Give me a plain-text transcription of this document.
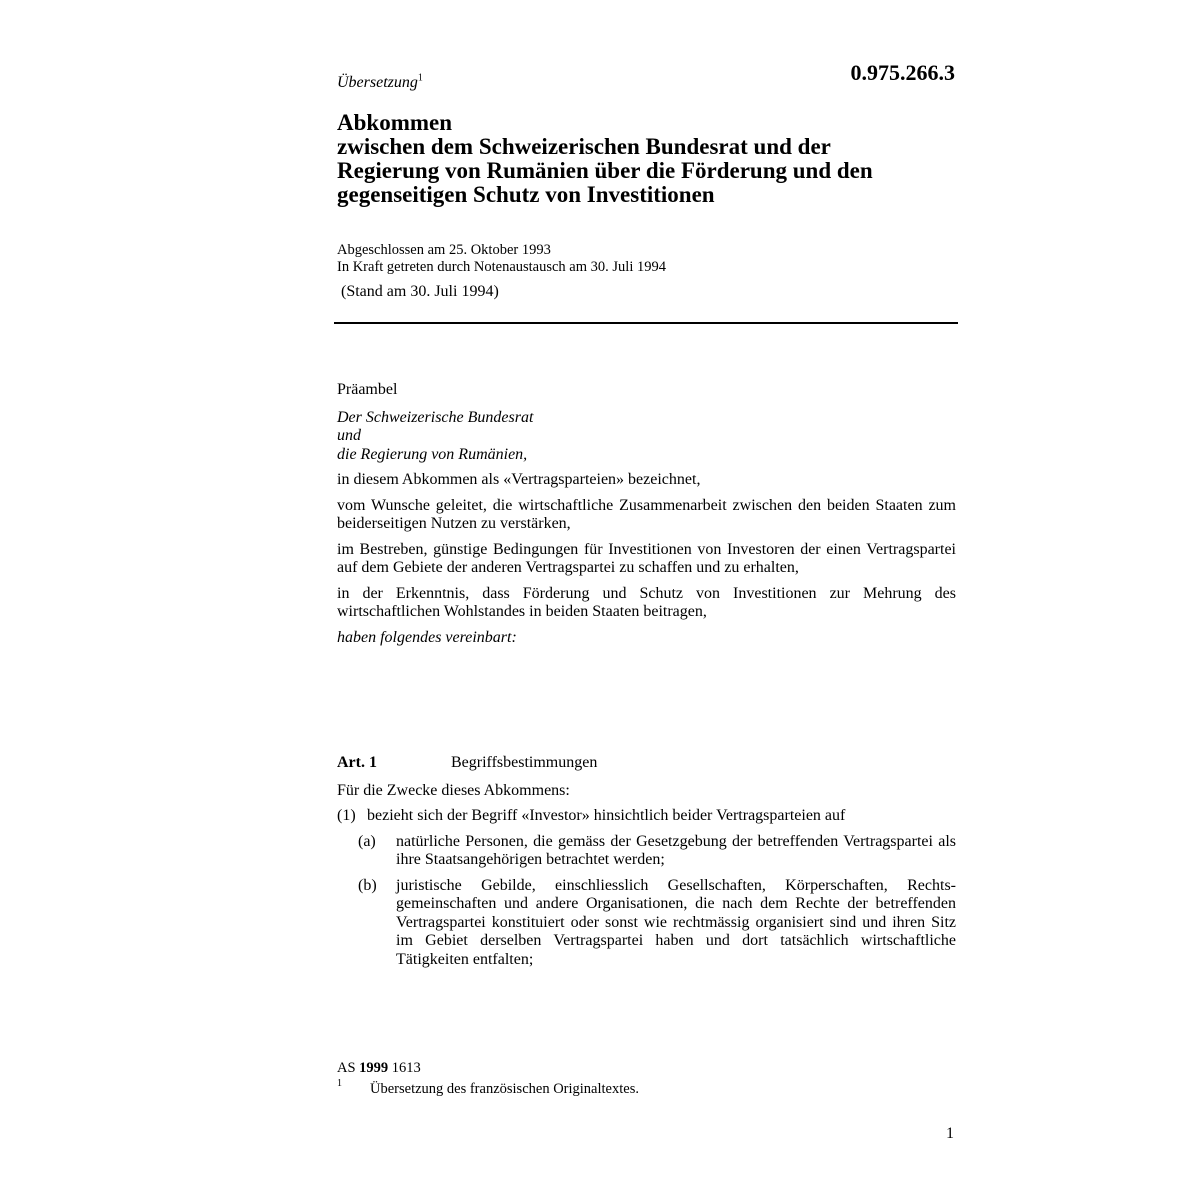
Übersetzung$^1$	0.975.266.3
Abkommen
zwischen dem Schweizerischen Bundesrat und der
Regierung von Rumänien über die Förderung und den
gegenseitigen Schutz von Investitionen
Abgeschlossen am 25. Oktober 1993
In Kraft getreten durch Notenaustausch am 30. Juli 1994
(Stand am 30. Juli 1994)

Präambel

Der Schweizerische Bundesrat
und
die Regierung von Rumänien,

in diesem Abkommen als «Vertragsparteien» bezeichnet,

vom Wunsche geleitet, die wirtschaftliche Zusammenarbeit zwischen den beiden Staaten zum beiderseitigen Nutzen zu verstärken,

im Bestreben, günstige Bedingungen für Investitionen von Investoren der einen Vertragspartei auf dem Gebiete der anderen Vertragspartei zu schaffen und zu erhalten,

in der Erkenntnis, dass Förderung und Schutz von Investitionen zur Mehrung des wirtschaftlichen Wohlstandes in beiden Staaten beitragen,

haben folgendes vereinbart:

Art. 1	Begriffsbestimmungen

Für die Zwecke dieses Abkommens:

(1) bezieht sich der Begriff «Investor» hinsichtlich beider Vertragsparteien auf
(a)	natürliche Personen, die gemäss der Gesetzgebung der betreffenden Vertragspartei als ihre Staatsangehörigen betrachtet werden;
(b)	juristische Gebilde, einschliesslich Gesellschaften, Körperschaften, Rechtsgemeinschaften und andere Organisationen, die nach dem Rechte der betreffenden Vertragspartei konstituiert oder sonst wie rechtmässig organisiert sind und ihren Sitz im Gebiet derselben Vertragspartei haben und dort tatsächlich wirtschaftliche Tätigkeiten entfalten;
AS 1999 1613
1	Übersetzung des französischen Originaltextes.
1
